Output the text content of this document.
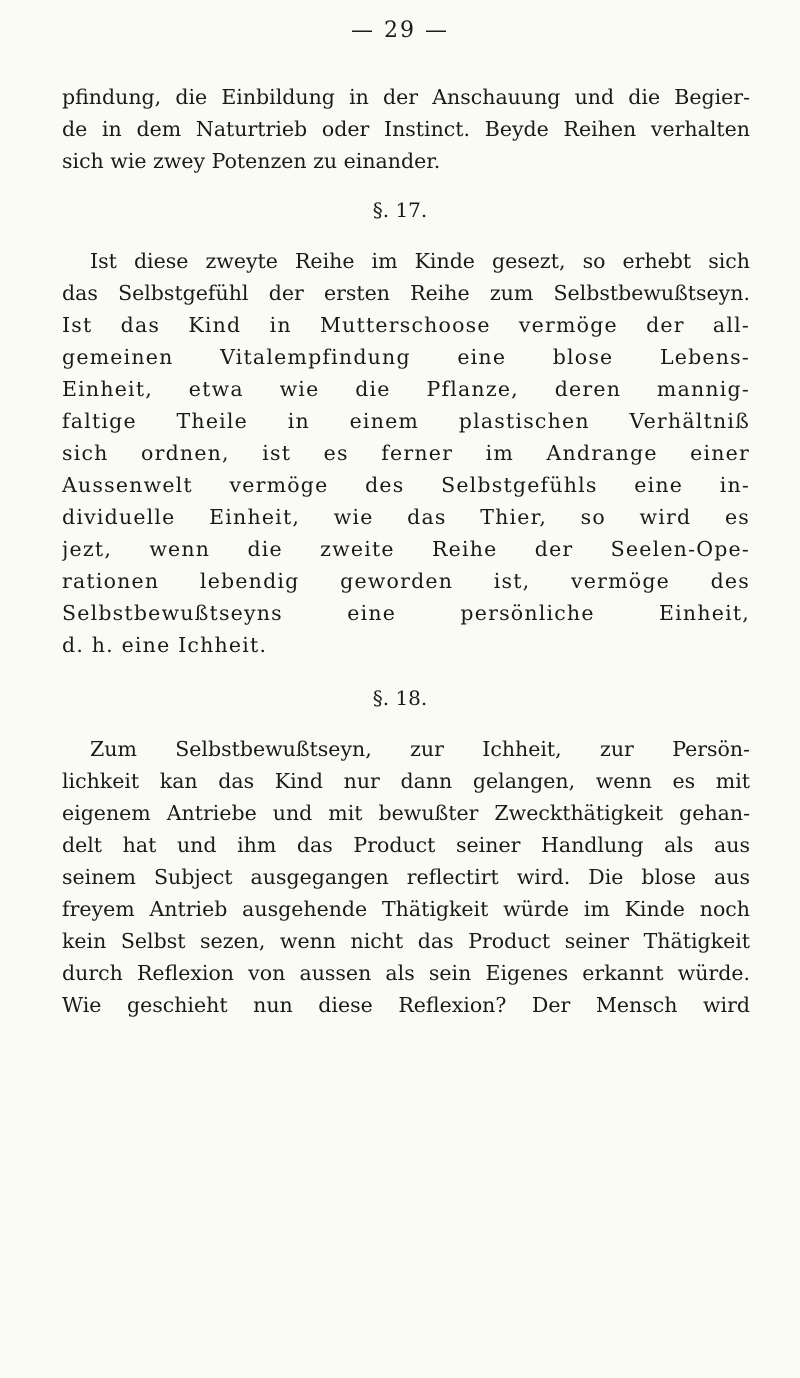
— 29 —
pfindung, die Einbildung in der Anschauung und die Begier-
de in dem Naturtrieb oder Instinct. Beyde Reihen verhalten
sich wie zwey Potenzen zu einander.
§. 17.
Ist diese zweyte Reihe im Kinde gesezt, so erhebt sich
das Selbstgefühl der ersten Reihe zum Selbstbewußtseyn.
Ist das Kind in Mutterschoose vermöge der all-
gemeinen Vitalempfindung eine blose Lebens-
Einheit, etwa wie die Pflanze, deren mannig-
faltige Theile in einem plastischen Verhältniß
sich ordnen, ist es ferner im Andrange einer
Aussenwelt vermöge des Selbstgefühls eine in-
dividuelle Einheit, wie das Thier, so wird es
jezt, wenn die zweite Reihe der Seelen-Ope-
rationen lebendig geworden ist, vermöge des
Selbstbewußtseyns eine persönliche Einheit,
d. h. eine Ichheit.
§. 18.
Zum Selbstbewußtseyn, zur Ichheit, zur Persön-
lichkeit kan das Kind nur dann gelangen, wenn es mit
eigenem Antriebe und mit bewußter Zweckthätigkeit gehan-
delt hat und ihm das Product seiner Handlung als aus
seinem Subject ausgegangen reflectirt wird. Die blose aus
freyem Antrieb ausgehende Thätigkeit würde im Kinde noch
kein Selbst sezen, wenn nicht das Product seiner Thätigkeit
durch Reflexion von aussen als sein Eigenes erkannt würde.
Wie geschieht nun diese Reflexion? Der Mensch wird
